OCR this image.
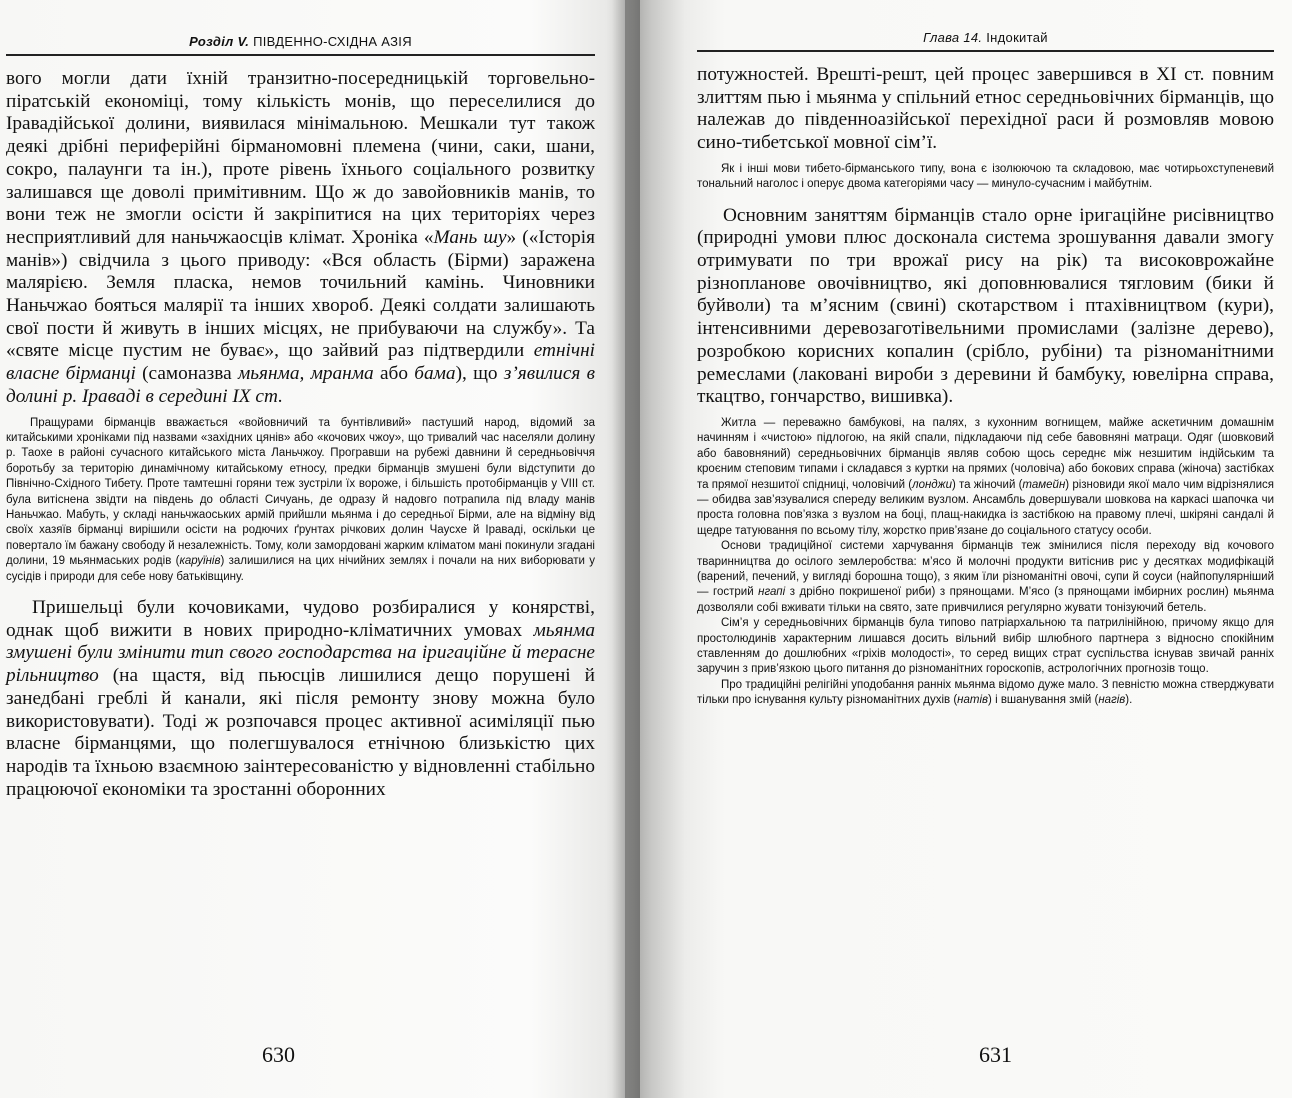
Розділ V. ПІВДЕННО-СХІДНА АЗІЯ

вого могли дати їхній транзитно-посередницькій торговельно-піратській економіці, тому кількість монів, що переселилися до Іравадійської долини, виявилася мінімальною. Мешкали тут також деякі дрібні периферійні бірманомовні племена (чини, саки, шани, сокро, палаунги та ін.), проте рівень їхнього соціального розвитку залишався ще доволі примітивним. Що ж до завойовників манів, то вони теж не змогли осісти й закріпитися на цих територіях через несприятливий для наньчжаосців клімат. Хроніка «Мань шу» («Історія манів») свідчила з цього приводу: «Вся область (Бірми) заражена малярією. Земля пласка, немов точильний камінь. Чиновники Наньчжао бояться малярії та інших хвороб. Деякі солдати залишають свої пости й живуть в інших місцях, не прибуваючи на службу». Та «святе місце пустим не буває», що зайвий раз підтвердили етнічні власне бірманці (самоназва мьянма, мранма або бама), що з’явилися в долині р. Іраваді в середині IX ст.

Пращурами бірманців вважається «войовничий та бунтівливий» пастуший народ, відомий за китайськими хроніками під назвами «західних цянів» або «кочових чжоу», що тривалий час населяли долину р. Таохе в районі сучасного китайського міста Ланьчжоу. Програвши на рубежі давнини й середньовіччя боротьбу за територію динамічному китайському етносу, предки бірманців змушені були відступити до Північно-Східного Тибету. Проте тамтешні горяни теж зустріли їх вороже, і більшість протобірманців у VIII ст. була витіснена звідти на південь до області Сичуань, де одразу й надовго потрапила під владу манів Наньчжао. Мабуть, у складі наньчжаоських армій прийшли мьянма і до середньої Бірми, але на відміну від своїх хазяїв бірманці вирішили осісти на родючих ґрунтах річкових долин Чаусхе й Іраваді, оскільки це повертало їм бажану свободу й незалежність. Тому, коли замордовані жарким кліматом мані покинули згадані долини, 19 мьянмаських родів (каруїнів) залишилися на цих нічийних землях і почали на них виборювати у сусідів і природи для себе нову батьківщину.

Пришельці були кочовиками, чудово розбиралися у конярстві, однак щоб вижити в нових природно-кліматичних умовах мьянма змушені були змінити тип свого господарства на іригаційне й терасне рільництво (на щастя, від пьюсців лишилися дещо порушені й занедбані греблі й канали, які після ремонту знову можна було використовувати). Тоді ж розпочався процес активної асиміляції пью власне бірманцями, що полегшувалося етнічною близькістю цих народів та їхньою взаємною заінтересованістю у відновленні стабільно працюючої економіки та зростанні оборонних

630
Глава 14. Індокитай

потужностей. Врешті-решт, цей процес завершився в XI ст. повним злиттям пью і мьянма у спільний етнос середньовічних бірманців, що належав до південноазійської перехідної раси й розмовляв мовою сино-тибетської мовної сім’ї.

Як і інші мови тибето-бірманського типу, вона є ізолюючою та складовою, має чотирьохступеневий тональний наголос і оперує двома категоріями часу — минуло-сучасним і майбутнім.

Основним заняттям бірманців стало орне іригаційне рисівництво (природні умови плюс досконала система зрошування давали змогу отримувати по три врожаї рису на рік) та високоврожайне різнопланове овочівництво, які доповнювалися тягловим (бики й буйволи) та м’ясним (свині) скотарством і птахівництвом (кури), інтенсивними деревозаготівельними промислами (залізне дерево), розробкою корисних копалин (срібло, рубіни) та різноманітними ремеслами (лаковані вироби з деревини й бамбуку, ювелірна справа, ткацтво, гончарство, вишивка).

Житла — переважно бамбукові, на палях, з кухонним вогнищем, майже аскетичним домашнім начинням і «чистою» підлогою, на якій спали, підкладаючи під себе бавовняні матраци. Одяг (шовковий або бавовняний) середньовічних бірманців являв собою щось середнє між незшитим індійським та кроєним степовим типами і складався з куртки на прямих (чоловіча) або бокових справа (жіноча) застібках та прямої незшитої спідниці, чоловічий (лонджи) та жіночий (тамейн) різновиди якої мало чим відрізнялися — обидва зав’язувалися спереду великим вузлом. Ансамбль довершували шовкова на каркасі шапочка чи проста головна пов’язка з вузлом на боці, плащ-накидка із застібкою на правому плечі, шкіряні сандалі й щедре татуювання по всьому тілу, жорстко прив’язане до соціального статусу особи.

Основи традиційної системи харчування бірманців теж змінилися після переходу від кочового тваринництва до осілого землеробства: м’ясо й молочні продукти витіснив рис у десятках модифікацій (варений, печений, у вигляді борошна тощо), з яким їли різноманітні овочі, супи й соуси (найпопулярніший — гострий нгапі з дрібно покришеної риби) з прянощами. М’ясо (з прянощами імбирних рослин) мьянма дозволяли собі вживати тільки на свято, зате привчилися регулярно жувати тонізуючий бетель.

Сім’я у середньовічних бірманців була типово патріархальною та патрилінійною, причому якщо для простолюдинів характерним лишався досить вільний вибір шлюбного партнера з відносно спокійним ставленням до дошлюбних «гріхів молодості», то серед вищих страт суспільства існував звичай ранніх заручин з прив’язкою цього питання до різноманітних гороскопів, астрологічних прогнозів тощо.

Про традиційні релігійні уподобання ранніх мьянма відомо дуже мало. З певністю можна стверджувати тільки про існування культу різноманітних духів (натів) і вшанування змій (нагів).

631
